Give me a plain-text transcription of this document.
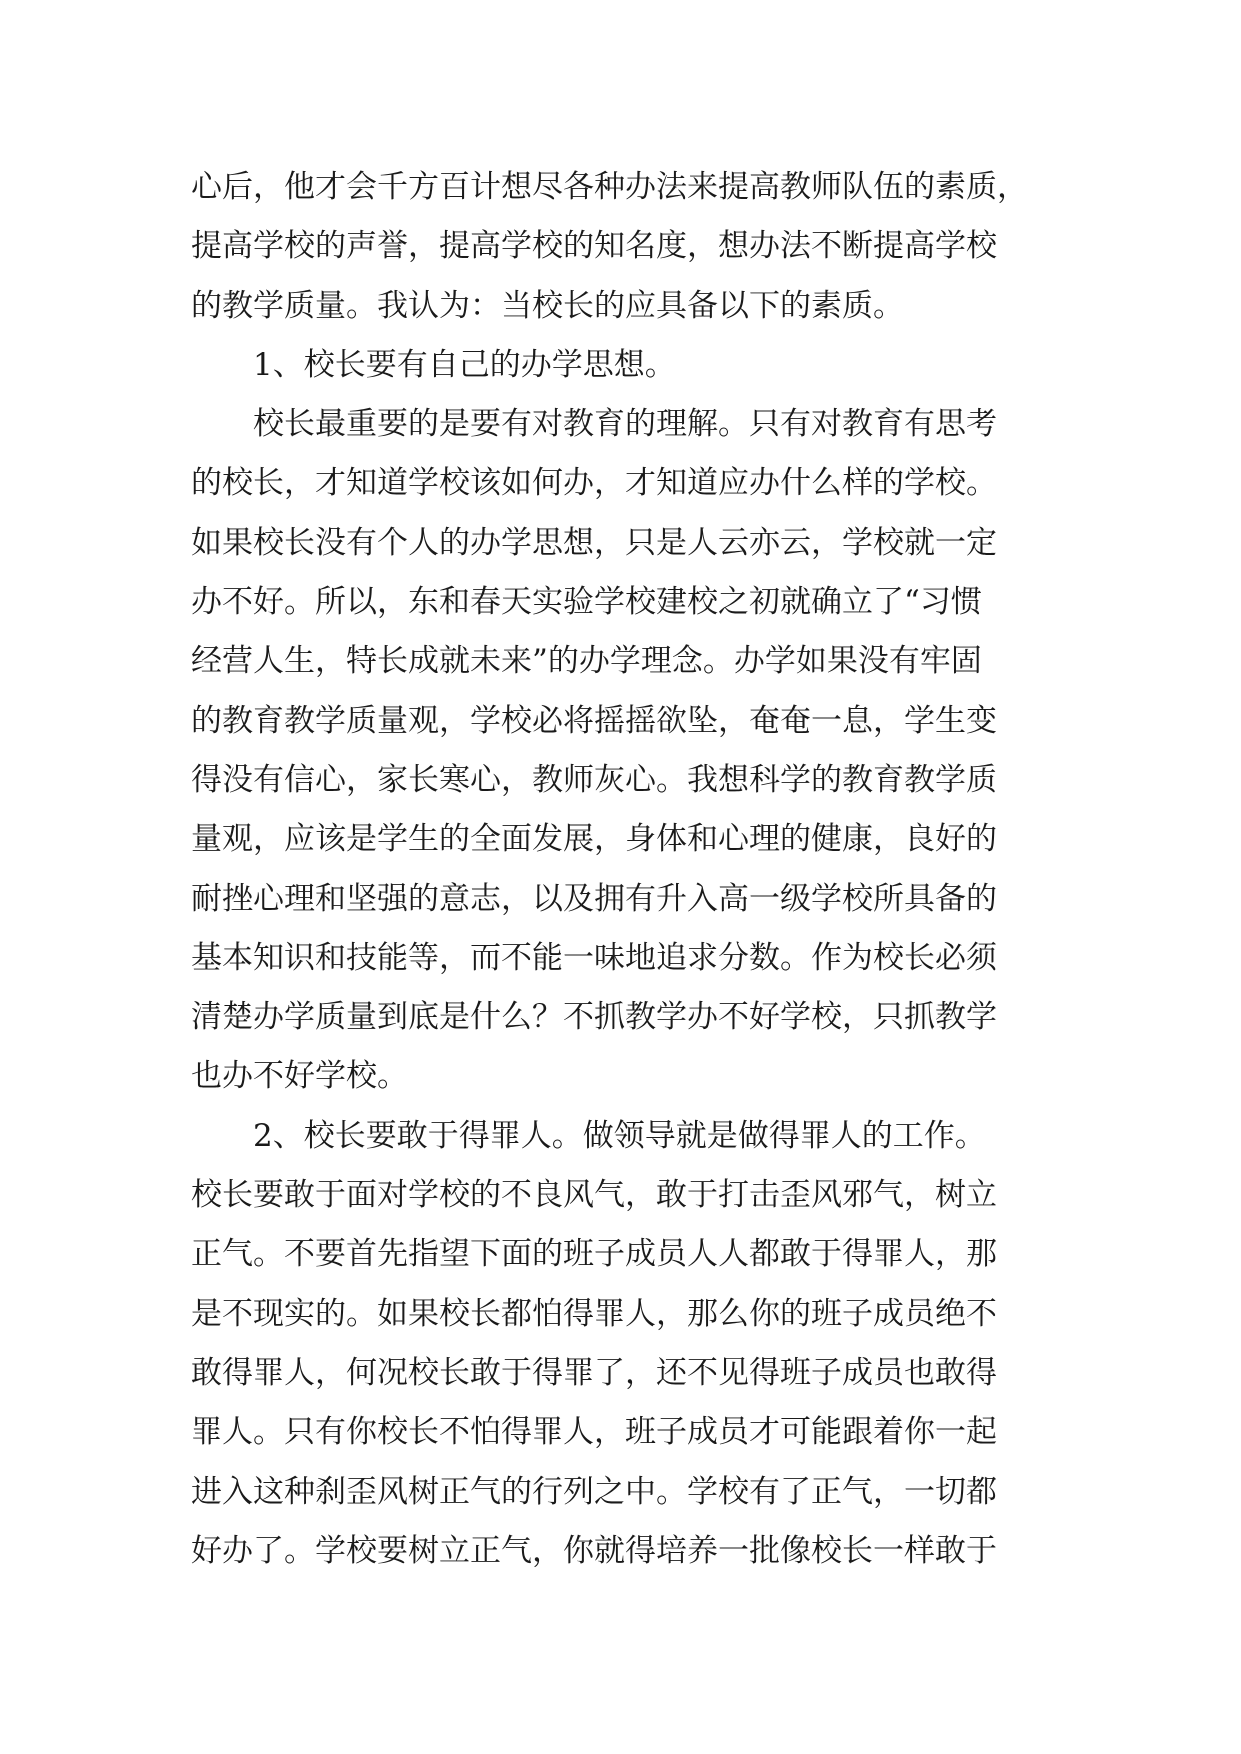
心后，他才会千方百计想尽各种办法来提高教师队伍的素质，
提高学校的声誉，提高学校的知名度，想办法不断提高学校
的教学质量。我认为：当校长的应具备以下的素质。
1、校长要有自己的办学思想。
校长最重要的是要有对教育的理解。只有对教育有思考
的校长，才知道学校该如何办，才知道应办什么样的学校。
如果校长没有个人的办学思想，只是人云亦云，学校就一定
办不好。所以，东和春天实验学校建校之初就确立了“习惯
经营人生，特长成就未来”的办学理念。办学如果没有牢固
的教育教学质量观，学校必将摇摇欲坠，奄奄一息，学生变
得没有信心，家长寒心，教师灰心。我想科学的教育教学质
量观，应该是学生的全面发展，身体和心理的健康，良好的
耐挫心理和坚强的意志，以及拥有升入高一级学校所具备的
基本知识和技能等，而不能一味地追求分数。作为校长必须
清楚办学质量到底是什么？不抓教学办不好学校，只抓教学
也办不好学校。
2、校长要敢于得罪人。做领导就是做得罪人的工作。
校长要敢于面对学校的不良风气，敢于打击歪风邪气，树立
正气。不要首先指望下面的班子成员人人都敢于得罪人，那
是不现实的。如果校长都怕得罪人，那么你的班子成员绝不
敢得罪人，何况校长敢于得罪了，还不见得班子成员也敢得
罪人。只有你校长不怕得罪人，班子成员才可能跟着你一起
进入这种刹歪风树正气的行列之中。学校有了正气，一切都
好办了。学校要树立正气，你就得培养一批像校长一样敢于
